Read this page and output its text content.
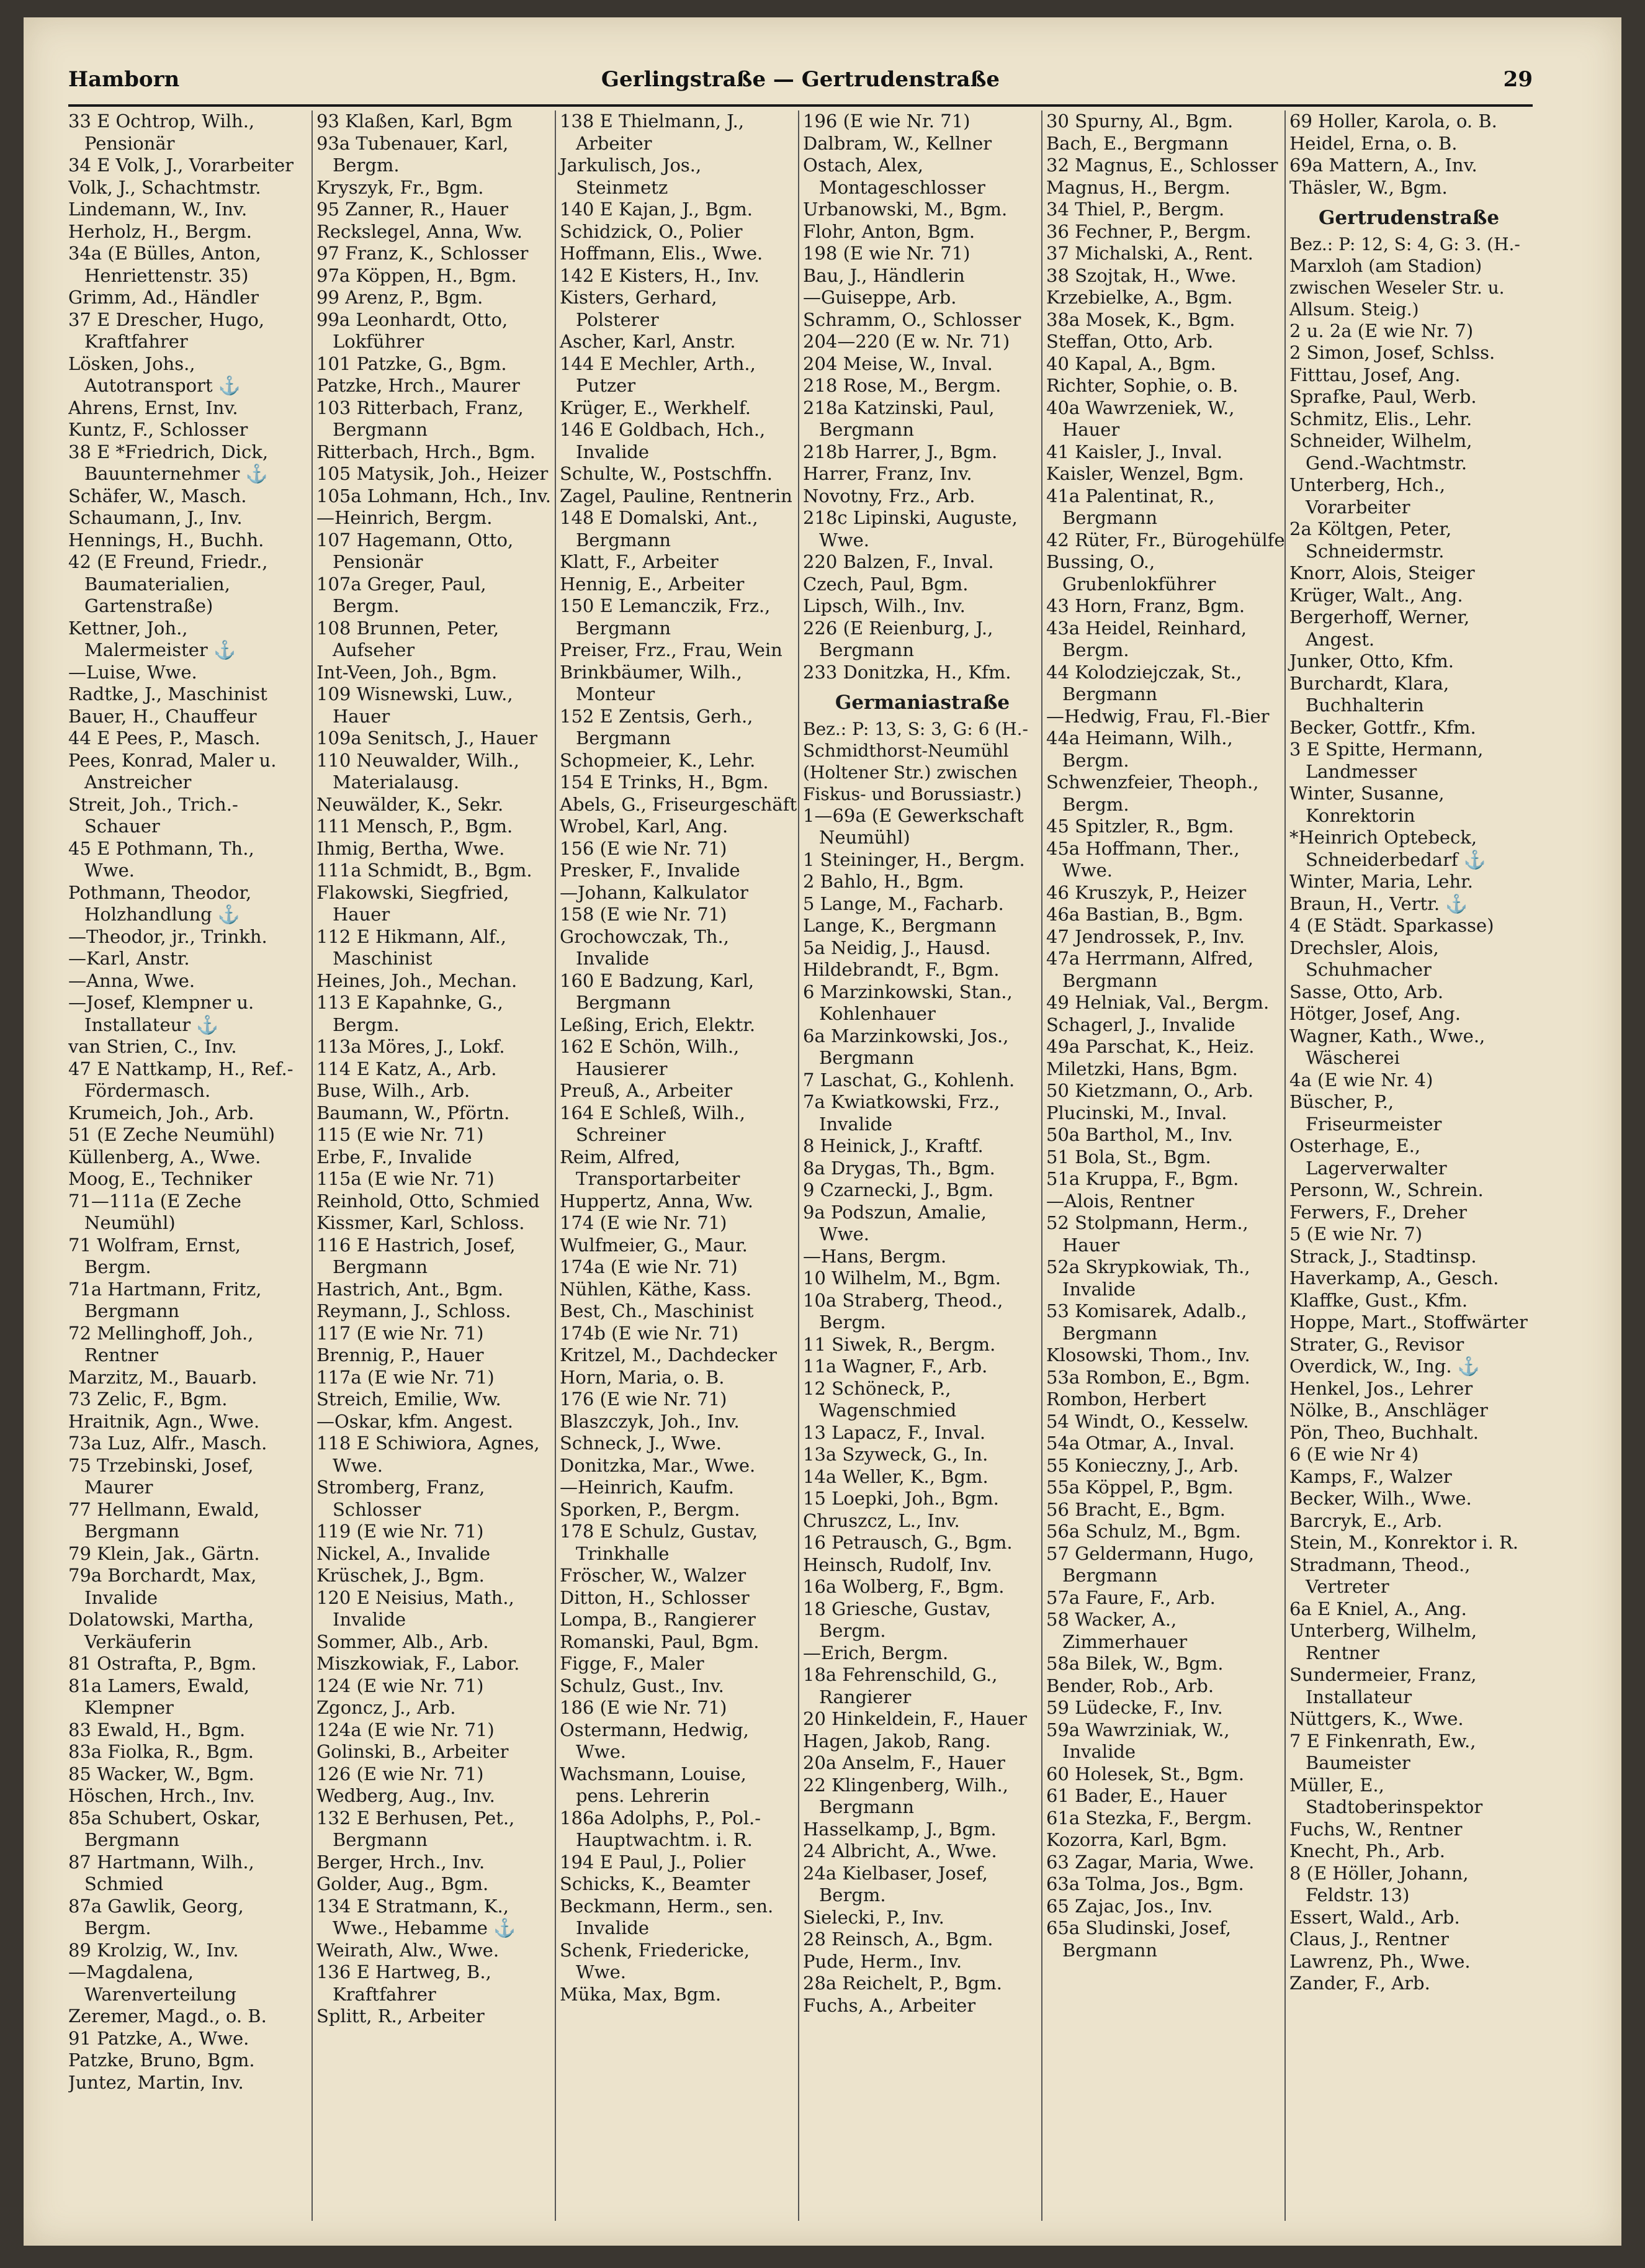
Hamborn	Gerlingstraße — Gertrudenstraße	29
33 E Ochtrop, Wilh., Pensionär
34 E Volk, J., Vorarbeiter
Volk, J., Schachtmstr.
Lindemann, W., Inv.
Herholz, H., Bergm.
34a (E Bülles, Anton, Henriettenstr. 35)
Grimm, Ad., Händler
37 E Drescher, Hugo, Kraftfahrer
Lösken, Johs., Autotransport ⚓
Ahrens, Ernst, Inv.
Kuntz, F., Schlosser
38 E *Friedrich, Dick, Bauunternehmer ⚓
Schäfer, W., Masch.
Schaumann, J., Inv.
Hennings, H., Buchh.
42 (E Freund, Friedr., Baumaterialien, Gartenstraße)
Kettner, Joh., Malermeister ⚓
—Luise, Wwe.
Radtke, J., Maschinist
Bauer, H., Chauffeur
44 E Pees, P., Masch.
Pees, Konrad, Maler u. Anstreicher
Streit, Joh., Trich.-Schauer
45 E Pothmann, Th., Wwe.
Pothmann, Theodor, Holzhandlung ⚓
—Theodor, jr., Trinkh.
—Karl, Anstr.
—Anna, Wwe.
—Josef, Klempner u. Installateur ⚓
van Strien, C., Inv.
47 E Nattkamp, H., Ref.-Fördermasch.
Krumeich, Joh., Arb.
51 (E Zeche Neumühl)
Küllenberg, A., Wwe.
Moog, E., Techniker
71—111a (E Zeche Neumühl)
71 Wolfram, Ernst, Bergm.
71a Hartmann, Fritz, Bergmann
72 Mellinghoff, Joh., Rentner
Marzitz, M., Bauarb.
73 Zelic, F., Bgm.
Hraitnik, Agn., Wwe.
73a Luz, Alfr., Masch.
75 Trzebinski, Josef, Maurer
77 Hellmann, Ewald, Bergmann
79 Klein, Jak., Gärtn.
79a Borchardt, Max, Invalide
Dolatowski, Martha, Verkäuferin
81 Ostrafta, P., Bgm.
81a Lamers, Ewald, Klempner
83 Ewald, H., Bgm.
83a Fiolka, R., Bgm.
85 Wacker, W., Bgm.
Höschen, Hrch., Inv.
85a Schubert, Oskar, Bergmann
87 Hartmann, Wilh., Schmied
87a Gawlik, Georg, Bergm.
89 Krolzig, W., Inv.
—Magdalena, Warenverteilung
Zeremer, Magd., o. B.
91 Patzke, A., Wwe.
Patzke, Bruno, Bgm.
Juntez, Martin, Inv.
93 Klaßen, Karl, Bgm
93a Tubenauer, Karl, Bergm.
Kryszyk, Fr., Bgm.
95 Zanner, R., Hauer
Reckslegel, Anna, Ww.
97 Franz, K., Schlosser
97a Köppen, H., Bgm.
99 Arenz, P., Bgm.
99a Leonhardt, Otto, Lokführer
101 Patzke, G., Bgm.
Patzke, Hrch., Maurer
103 Ritterbach, Franz, Bergmann
Ritterbach, Hrch., Bgm.
105 Matysik, Joh., Heizer
105a Lohmann, Hch., Inv.
—Heinrich, Bergm.
107 Hagemann, Otto, Pensionär
107a Greger, Paul, Bergm.
108 Brunnen, Peter, Aufseher
Int-Veen, Joh., Bgm.
109 Wisnewski, Luw., Hauer
109a Senitsch, J., Hauer
110 Neuwalder, Wilh., Materialausg.
Neuwälder, K., Sekr.
111 Mensch, P., Bgm.
Ihmig, Bertha, Wwe.
111a Schmidt, B., Bgm.
Flakowski, Siegfried, Hauer
112 E Hikmann, Alf., Maschinist
Heines, Joh., Mechan.
113 E Kapahnke, G., Bergm.
113a Möres, J., Lokf.
114 E Katz, A., Arb.
Buse, Wilh., Arb.
Baumann, W., Pförtn.
115 (E wie Nr. 71)
Erbe, F., Invalide
115a (E wie Nr. 71)
Reinhold, Otto, Schmied
Kissmer, Karl, Schloss.
116 E Hastrich, Josef, Bergmann
Hastrich, Ant., Bgm.
Reymann, J., Schloss.
117 (E wie Nr. 71)
Brennig, P., Hauer
117a (E wie Nr. 71)
Streich, Emilie, Ww.
—Oskar, kfm. Angest.
118 E Schiwiora, Agnes, Wwe.
Stromberg, Franz, Schlosser
119 (E wie Nr. 71)
Nickel, A., Invalide
Krüschek, J., Bgm.
120 E Neisius, Math., Invalide
Sommer, Alb., Arb.
Miszkowiak, F., Labor.
124 (E wie Nr. 71)
Zgoncz, J., Arb.
124a (E wie Nr. 71)
Golinski, B., Arbeiter
126 (E wie Nr. 71)
Wedberg, Aug., Inv.
132 E Berhusen, Pet., Bergmann
Berger, Hrch., Inv.
Golder, Aug., Bgm.
134 E Stratmann, K., Wwe., Hebamme ⚓
Weirath, Alw., Wwe.
136 E Hartweg, B., Kraftfahrer
Splitt, R., Arbeiter
138 E Thielmann, J., Arbeiter
Jarkulisch, Jos., Steinmetz
140 E Kajan, J., Bgm.
Schidzick, O., Polier
Hoffmann, Elis., Wwe.
142 E Kisters, H., Inv.
Kisters, Gerhard, Polsterer
Ascher, Karl, Anstr.
144 E Mechler, Arth., Putzer
Krüger, E., Werkhelf.
146 E Goldbach, Hch., Invalide
Schulte, W., Postschffn.
Zagel, Pauline, Rentnerin
148 E Domalski, Ant., Bergmann
Klatt, F., Arbeiter
Hennig, E., Arbeiter
150 E Lemanczik, Frz., Bergmann
Preiser, Frz., Frau, Wein
Brinkbäumer, Wilh., Monteur
152 E Zentsis, Gerh., Bergmann
Schopmeier, K., Lehr.
154 E Trinks, H., Bgm.
Abels, G., Friseurgeschäft
Wrobel, Karl, Ang.
156 (E wie Nr. 71)
Presker, F., Invalide
—Johann, Kalkulator
158 (E wie Nr. 71)
Grochowczak, Th., Invalide
160 E Badzung, Karl, Bergmann
Leßing, Erich, Elektr.
162 E Schön, Wilh., Hausierer
Preuß, A., Arbeiter
164 E Schleß, Wilh., Schreiner
Reim, Alfred, Transportarbeiter
Huppertz, Anna, Ww.
174 (E wie Nr. 71)
Wulfmeier, G., Maur.
174a (E wie Nr. 71)
Nühlen, Käthe, Kass.
Best, Ch., Maschinist
174b (E wie Nr. 71)
Kritzel, M., Dachdecker
Horn, Maria, o. B.
176 (E wie Nr. 71)
Blaszczyk, Joh., Inv.
Schneck, J., Wwe.
Donitzka, Mar., Wwe.
—Heinrich, Kaufm.
Sporken, P., Bergm.
178 E Schulz, Gustav, Trinkhalle
Fröscher, W., Walzer
Ditton, H., Schlosser
Lompa, B., Rangierer
Romanski, Paul, Bgm.
Figge, F., Maler
Schulz, Gust., Inv.
186 (E wie Nr. 71)
Ostermann, Hedwig, Wwe.
Wachsmann, Louise, pens. Lehrerin
186a Adolphs, P., Pol.-Hauptwachtm. i. R.
194 E Paul, J., Polier
Schicks, K., Beamter
Beckmann, Herm., sen. Invalide
Schenk, Friedericke, Wwe.
Müka, Max, Bgm.
196 (E wie Nr. 71)
Dalbram, W., Kellner
Ostach, Alex, Montageschlosser
Urbanowski, M., Bgm.
Flohr, Anton, Bgm.
198 (E wie Nr. 71)
Bau, J., Händlerin
—Guiseppe, Arb.
Schramm, O., Schlosser
204—220 (E w. Nr. 71)
204 Meise, W., Inval.
218 Rose, M., Bergm.
218a Katzinski, Paul, Bergmann
218b Harrer, J., Bgm.
Harrer, Franz, Inv.
Novotny, Frz., Arb.
218c Lipinski, Auguste, Wwe.
220 Balzen, F., Inval.
Czech, Paul, Bgm.
Lipsch, Wilh., Inv.
226 (E Reienburg, J., Bergmann
233 Donitzka, H., Kfm.
Germaniastraße
Bez.: P: 13, S: 3, G: 6 (H.-Schmidthorst-Neumühl (Holtener Str.) zwischen Fiskus- und Borussiastr.)
1—69a (E Gewerkschaft Neumühl)
1 Steininger, H., Bergm.
2 Bahlo, H., Bgm.
5 Lange, M., Facharb.
Lange, K., Bergmann
5a Neidig, J., Hausd.
Hildebrandt, F., Bgm.
6 Marzinkowski, Stan., Kohlenhauer
6a Marzinkowski, Jos., Bergmann
7 Laschat, G., Kohlenh.
7a Kwiatkowski, Frz., Invalide
8 Heinick, J., Kraftf.
8a Drygas, Th., Bgm.
9 Czarnecki, J., Bgm.
9a Podszun, Amalie, Wwe.
—Hans, Bergm.
10 Wilhelm, M., Bgm.
10a Straberg, Theod., Bergm.
11 Siwek, R., Bergm.
11a Wagner, F., Arb.
12 Schöneck, P., Wagenschmied
13 Lapacz, F., Inval.
13a Szyweck, G., In.
14a Weller, K., Bgm.
15 Loepki, Joh., Bgm.
Chruszcz, L., Inv.
16 Petrausch, G., Bgm.
Heinsch, Rudolf, Inv.
16a Wolberg, F., Bgm.
18 Griesche, Gustav, Bergm.
—Erich, Bergm.
18a Fehrenschild, G., Rangierer
20 Hinkeldein, F., Hauer
Hagen, Jakob, Rang.
20a Anselm, F., Hauer
22 Klingenberg, Wilh., Bergmann
Hasselkamp, J., Bgm.
24 Albricht, A., Wwe.
24a Kielbaser, Josef, Bergm.
Sielecki, P., Inv.
28 Reinsch, A., Bgm.
Pude, Herm., Inv.
28a Reichelt, P., Bgm.
Fuchs, A., Arbeiter
30 Spurny, Al., Bgm.
Bach, E., Bergmann
32 Magnus, E., Schlosser
Magnus, H., Bergm.
34 Thiel, P., Bergm.
36 Fechner, P., Bergm.
37 Michalski, A., Rent.
38 Szojtak, H., Wwe.
Krzebielke, A., Bgm.
38a Mosek, K., Bgm.
Steffan, Otto, Arb.
40 Kapal, A., Bgm.
Richter, Sophie, o. B.
40a Wawrzeniek, W., Hauer
41 Kaisler, J., Inval.
Kaisler, Wenzel, Bgm.
41a Palentinat, R., Bergmann
42 Rüter, Fr., Bürogehülfe
Bussing, O., Grubenlokführer
43 Horn, Franz, Bgm.
43a Heidel, Reinhard, Bergm.
44 Kolodziejczak, St., Bergmann
—Hedwig, Frau, Fl.-Bier
44a Heimann, Wilh., Bergm.
Schwenzfeier, Theoph., Bergm.
45 Spitzler, R., Bgm.
45a Hoffmann, Ther., Wwe.
46 Kruszyk, P., Heizer
46a Bastian, B., Bgm.
47 Jendrossek, P., Inv.
47a Herrmann, Alfred, Bergmann
49 Helniak, Val., Bergm.
Schagerl, J., Invalide
49a Parschat, K., Heiz.
Miletzki, Hans, Bgm.
50 Kietzmann, O., Arb.
Plucinski, M., Inval.
50a Barthol, M., Inv.
51 Bola, St., Bgm.
51a Kruppa, F., Bgm.
—Alois, Rentner
52 Stolpmann, Herm., Hauer
52a Skrypkowiak, Th., Invalide
53 Komisarek, Adalb., Bergmann
Klosowski, Thom., Inv.
53a Rombon, E., Bgm.
Rombon, Herbert
54 Windt, O., Kesselw.
54a Otmar, A., Inval.
55 Konieczny, J., Arb.
55a Köppel, P., Bgm.
56 Bracht, E., Bgm.
56a Schulz, M., Bgm.
57 Geldermann, Hugo, Bergmann
57a Faure, F., Arb.
58 Wacker, A., Zimmerhauer
58a Bilek, W., Bgm.
Bender, Rob., Arb.
59 Lüdecke, F., Inv.
59a Wawrziniak, W., Invalide
60 Holesek, St., Bgm.
61 Bader, E., Hauer
61a Stezka, F., Bergm.
Kozorra, Karl, Bgm.
63 Zagar, Maria, Wwe.
63a Tolma, Jos., Bgm.
65 Zajac, Jos., Inv.
65a Sludinski, Josef, Bergmann
69 Holler, Karola, o. B.
Heidel, Erna, o. B.
69a Mattern, A., Inv.
Thäsler, W., Bgm.
Gertrudenstraße
Bez.: P: 12, S: 4, G: 3. (H.-Marxloh (am Stadion) zwischen Weseler Str. u. Allsum. Steig.)
2 u. 2a (E wie Nr. 7)
2 Simon, Josef, Schlss.
Fitttau, Josef, Ang.
Sprafke, Paul, Werb.
Schmitz, Elis., Lehr.
Schneider, Wilhelm, Gend.-Wachtmstr.
Unterberg, Hch., Vorarbeiter
2a Költgen, Peter, Schneidermstr.
Knorr, Alois, Steiger
Krüger, Walt., Ang.
Bergerhoff, Werner, Angest.
Junker, Otto, Kfm.
Burchardt, Klara, Buchhalterin
Becker, Gottfr., Kfm.
3 E Spitte, Hermann, Landmesser
Winter, Susanne, Konrektorin
*Heinrich Optebeck, Schneiderbedarf ⚓
Winter, Maria, Lehr.
Braun, H., Vertr. ⚓
4 (E Städt. Sparkasse)
Drechsler, Alois, Schuhmacher
Sasse, Otto, Arb.
Hötger, Josef, Ang.
Wagner, Kath., Wwe., Wäscherei
4a (E wie Nr. 4)
Büscher, P., Friseurmeister
Osterhage, E., Lagerverwalter
Personn, W., Schrein.
Ferwers, F., Dreher
5 (E wie Nr. 7)
Strack, J., Stadtinsp.
Haverkamp, A., Gesch.
Klaffke, Gust., Kfm.
Hoppe, Mart., Stoffwärter
Strater, G., Revisor
Overdick, W., Ing. ⚓
Henkel, Jos., Lehrer
Nölke, B., Anschläger
Pön, Theo, Buchhalt.
6 (E wie Nr 4)
Kamps, F., Walzer
Becker, Wilh., Wwe.
Barcryk, E., Arb.
Stein, M., Konrektor i. R.
Stradmann, Theod., Vertreter
6a E Kniel, A., Ang.
Unterberg, Wilhelm, Rentner
Sundermeier, Franz, Installateur
Nüttgers, K., Wwe.
7 E Finkenrath, Ew., Baumeister
Müller, E., Stadtoberinspektor
Fuchs, W., Rentner
Knecht, Ph., Arb.
8 (E Höller, Johann, Feldstr. 13)
Essert, Wald., Arb.
Claus, J., Rentner
Lawrenz, Ph., Wwe.
Zander, F., Arb.
